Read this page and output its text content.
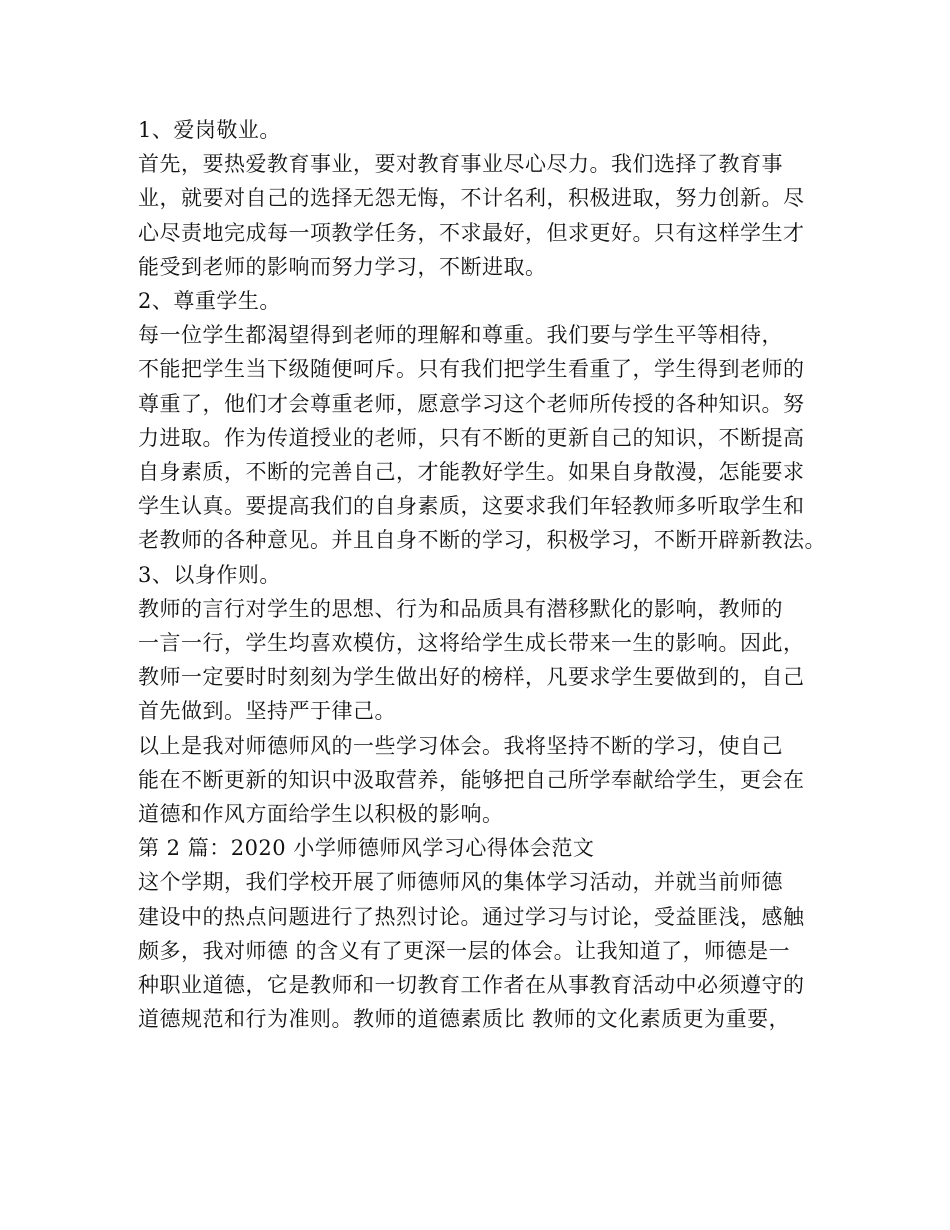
1、爱岗敬业。
首先，要热爱教育事业，要对教育事业尽心尽力。我们选择了教育事
业，就要对自己的选择无怨无悔，不计名利，积极进取，努力创新。尽
心尽责地完成每一项教学任务，不求最好，但求更好。只有这样学生才
能受到老师的影响而努力学习，不断进取。
2、尊重学生。
每一位学生都渴望得到老师的理解和尊重。我们要与学生平等相待，
不能把学生当下级随便呵斥。只有我们把学生看重了，学生得到老师的
尊重了，他们才会尊重老师，愿意学习这个老师所传授的各种知识。努
力进取。作为传道授业的老师，只有不断的更新自己的知识，不断提高
自身素质，不断的完善自己，才能教好学生。如果自身散漫，怎能要求
学生认真。要提高我们的自身素质，这要求我们年轻教师多听取学生和
老教师的各种意见。并且自身不断的学习，积极学习，不断开辟新教法。
3、以身作则。
教师的言行对学生的思想、行为和品质具有潜移默化的影响，教师的
一言一行，学生均喜欢模仿，这将给学生成长带来一生的影响。因此，
教师一定要时时刻刻为学生做出好的榜样，凡要求学生要做到的，自己
首先做到。坚持严于律己。
以上是我对师德师风的一些学习体会。我将坚持不断的学习，使自己
能在不断更新的知识中汲取营养，能够把自己所学奉献给学生，更会在
道德和作风方面给学生以积极的影响。
第 2 篇：2020 小学师德师风学习心得体会范文
这个学期，我们学校开展了师德师风的集体学习活动，并就当前师德
建设中的热点问题进行了热烈讨论。通过学习与讨论，受益匪浅，感触
颇多，我对师德 的含义有了更深一层的体会。让我知道了，师德是一
种职业道德，它是教师和一切教育工作者在从事教育活动中必须遵守的
道德规范和行为准则。教师的道德素质比 教师的文化素质更为重要，
